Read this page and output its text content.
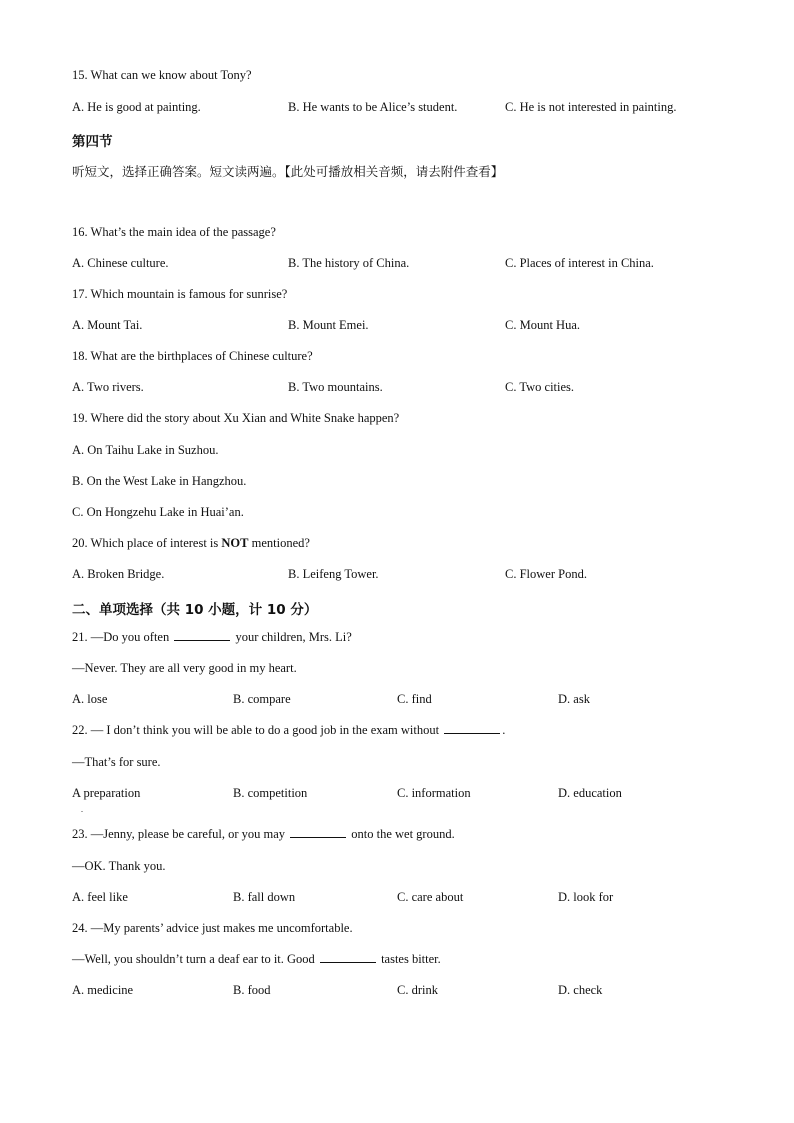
15. What can we know about Tony?
A. He is good at painting.	B. He wants to be Alice’s student.	C. He is not interested in painting.
第四节
听短文，选择正确答案。短文读两遍。【此处可播放相关音频，请去附件查看】
16. What’s the main idea of the passage?
A. Chinese culture.	B. The history of China.	C. Places of interest in China.
17. Which mountain is famous for sunrise?
A. Mount Tai.	B. Mount Emei.	C. Mount Hua.
18. What are the birthplaces of Chinese culture?
A. Two rivers.	B. Two mountains.	C. Two cities.
19. Where did the story about Xu Xian and White Snake happen?
A. On Taihu Lake in Suzhou.
B. On the West Lake in Hangzhou.
C. On Hongzehu Lake in Huai’an.
20. Which place of interest is NOT mentioned?
A. Broken Bridge.	B. Leifeng Tower.	C. Flower Pond.
二、单项选择（共 10 小题，计 10 分）
21. —Do you often	your children, Mrs. Li?
—Never. They are all very good in my heart.
A. lose	B. compare	C. find	D. ask
22. — I don’t think you will be able to do a good job in the exam without	.
—That’s for sure.
A preparation
.
B. competition	C. information	D. education
23. —Jenny, please be careful, or you may	onto the wet ground.
—OK. Thank you.
A. feel like	B. fall down	C. care about	D. look for
24. —My parents’ advice just makes me uncomfortable.
—Well, you shouldn’t turn a deaf ear to it. Good	tastes bitter.
A. medicine	B. food	C. drink	D. check
